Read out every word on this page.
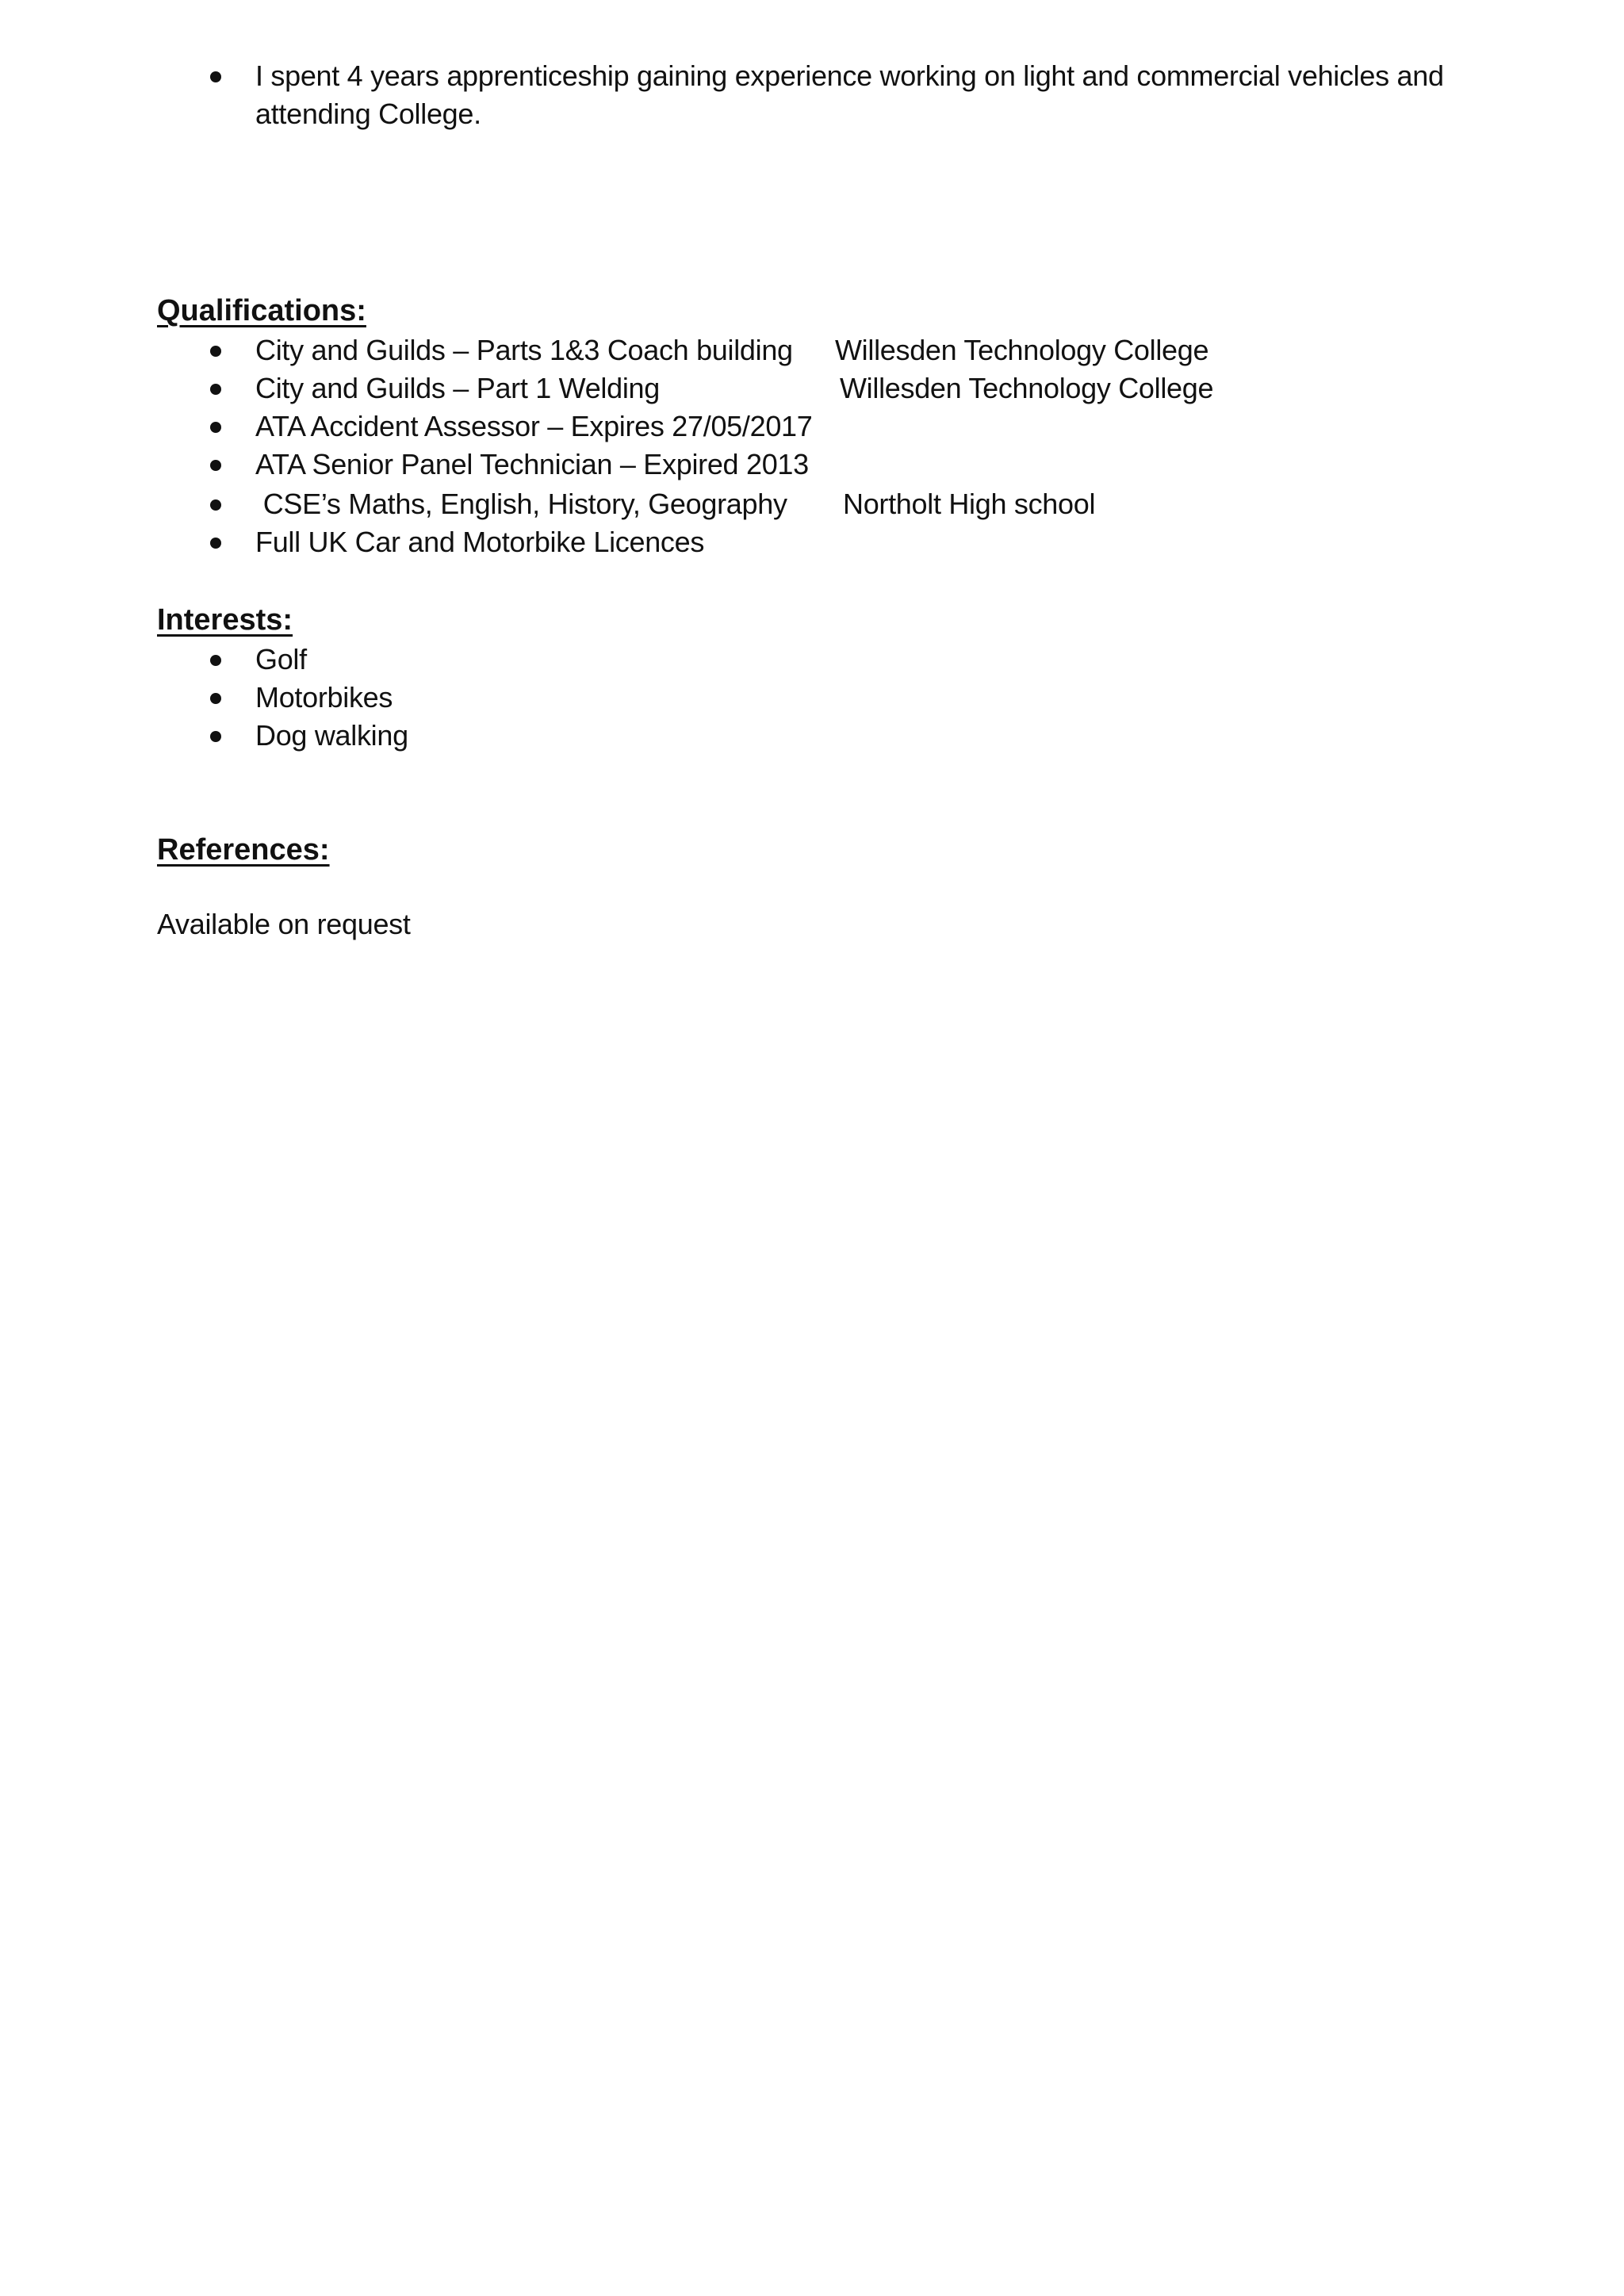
I spent 4 years apprenticeship gaining experience working on light and commercial vehicles and
attending College.
Qualifications:
City and Guilds – Parts 1&3 Coach building Willesden Technology College
City and Guilds – Part 1 Welding	Willesden Technology College
ATA Accident Assessor – Expires 27/05/2017
ATA Senior Panel Technician – Expired 2013
CSE’s Maths, English, History, Geography Northolt High school
Full UK Car and Motorbike Licences
Interests:
Golf
Motorbikes
Dog walking
References:
Available on request
